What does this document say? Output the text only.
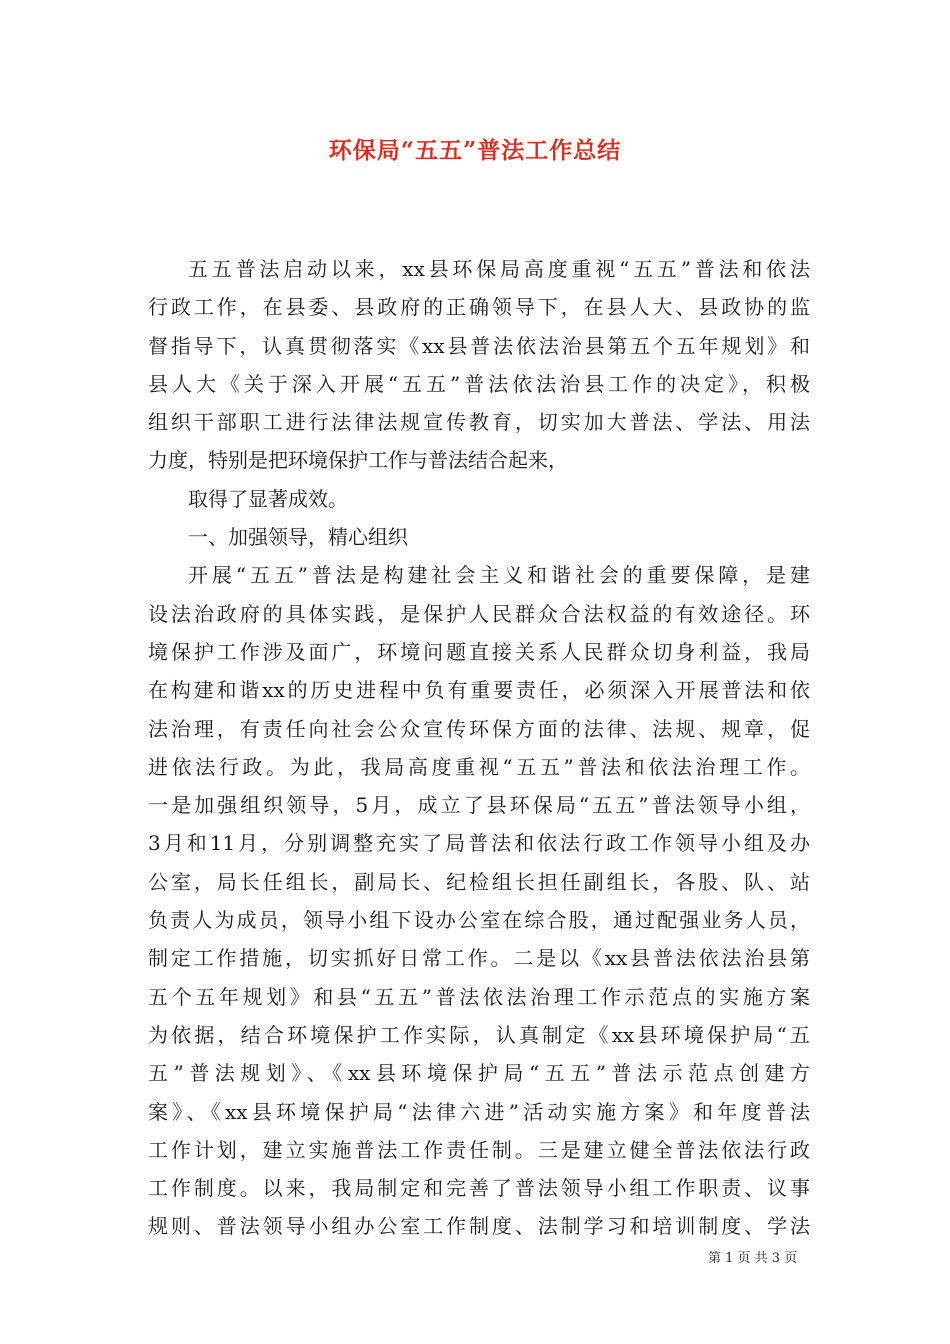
环保局“五五”普法工作总结
五五普法启动以来，xx县环保局高度重视“五五”普法和依法
行政工作，在县委、县政府的正确领导下，在县人大、县政协的监
督指导下，认真贯彻落实《xx县普法依法治县第五个五年规划》和
县人大《关于深入开展“五五”普法依法治县工作的决定》，积极
组织干部职工进行法律法规宣传教育，切实加大普法、学法、用法
力度，特别是把环境保护工作与普法结合起来，
取得了显著成效。
一、加强领导，精心组织
开展“五五”普法是构建社会主义和谐社会的重要保障，是建
设法治政府的具体实践，是保护人民群众合法权益的有效途径。环
境保护工作涉及面广，环境问题直接关系人民群众切身利益，我局
在构建和谐xx的历史进程中负有重要责任，必须深入开展普法和依
法治理，有责任向社会公众宣传环保方面的法律、法规、规章，促
进依法行政。为此，我局高度重视“五五”普法和依法治理工作。
一是加强组织领导，5月，成立了县环保局“五五”普法领导小组，
3月和11月，分别调整充实了局普法和依法行政工作领导小组及办
公室，局长任组长，副局长、纪检组长担任副组长，各股、队、站
负责人为成员，领导小组下设办公室在综合股，通过配强业务人员，
制定工作措施，切实抓好日常工作。二是以《xx县普法依法治县第
五个五年规划》和县“五五”普法依法治理工作示范点的实施方案
为依据，结合环境保护工作实际，认真制定《xx县环境保护局“五
五”普法规划》、《xx县环境保护局“五五”普法示范点创建方
案》、《xx县环境保护局“法律六进”活动实施方案》和年度普法
工作计划，建立实施普法工作责任制。三是建立健全普法依法行政
工作制度。以来，我局制定和完善了普法领导小组工作职责、议事
规则、普法领导小组办公室工作制度、法制学习和培训制度、学法
第 1 页 共 3 页
